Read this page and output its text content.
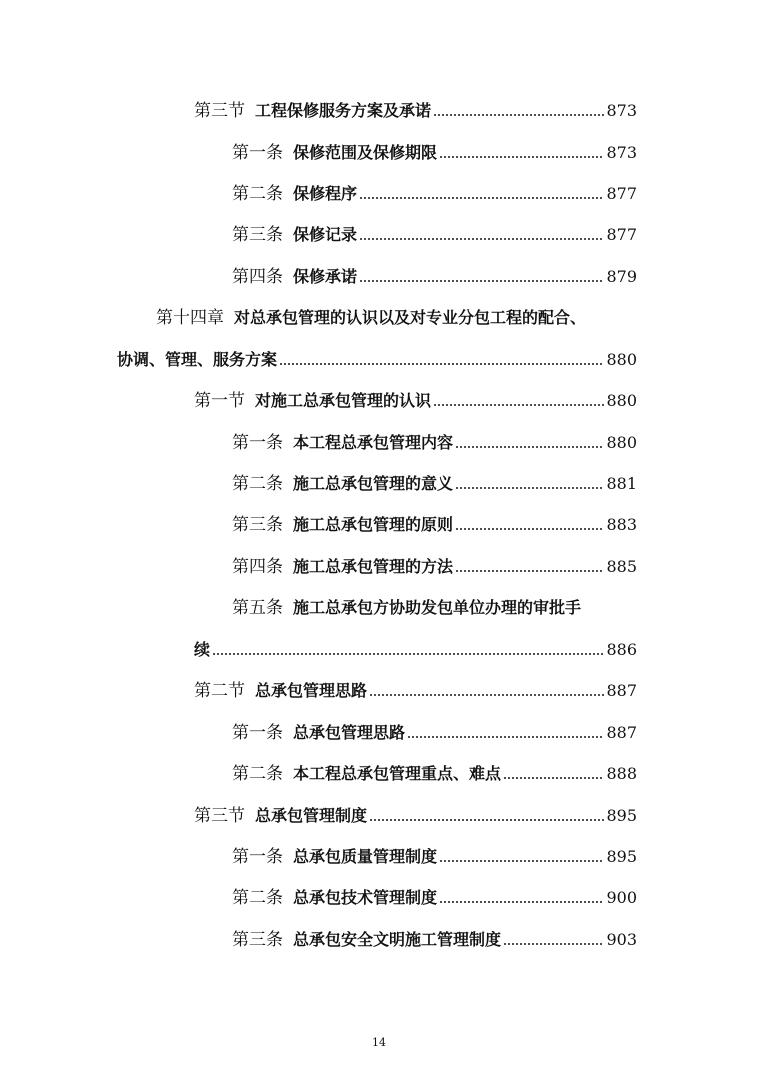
第三节 工程保修服务方案及承诺	873
第一条 保修范围及保修期限	873
第二条 保修程序	877
第三条 保修记录	877
第四条 保修承诺	879
第十四章 对总承包管理的认识以及对专业分包工程的配合、
协调、管理、服务方案	880
第一节 对施工总承包管理的认识	880
第一条 本工程总承包管理内容	880
第二条 施工总承包管理的意义	881
第三条 施工总承包管理的原则	883
第四条 施工总承包管理的方法	885
第五条 施工总承包方协助发包单位办理的审批手
续	886
第二节 总承包管理思路	887
第一条 总承包管理思路	887
第二条 本工程总承包管理重点、难点	888
第三节 总承包管理制度	895
第一条 总承包质量管理制度	895
第二条 总承包技术管理制度	900
第三条 总承包安全文明施工管理制度	903
14
